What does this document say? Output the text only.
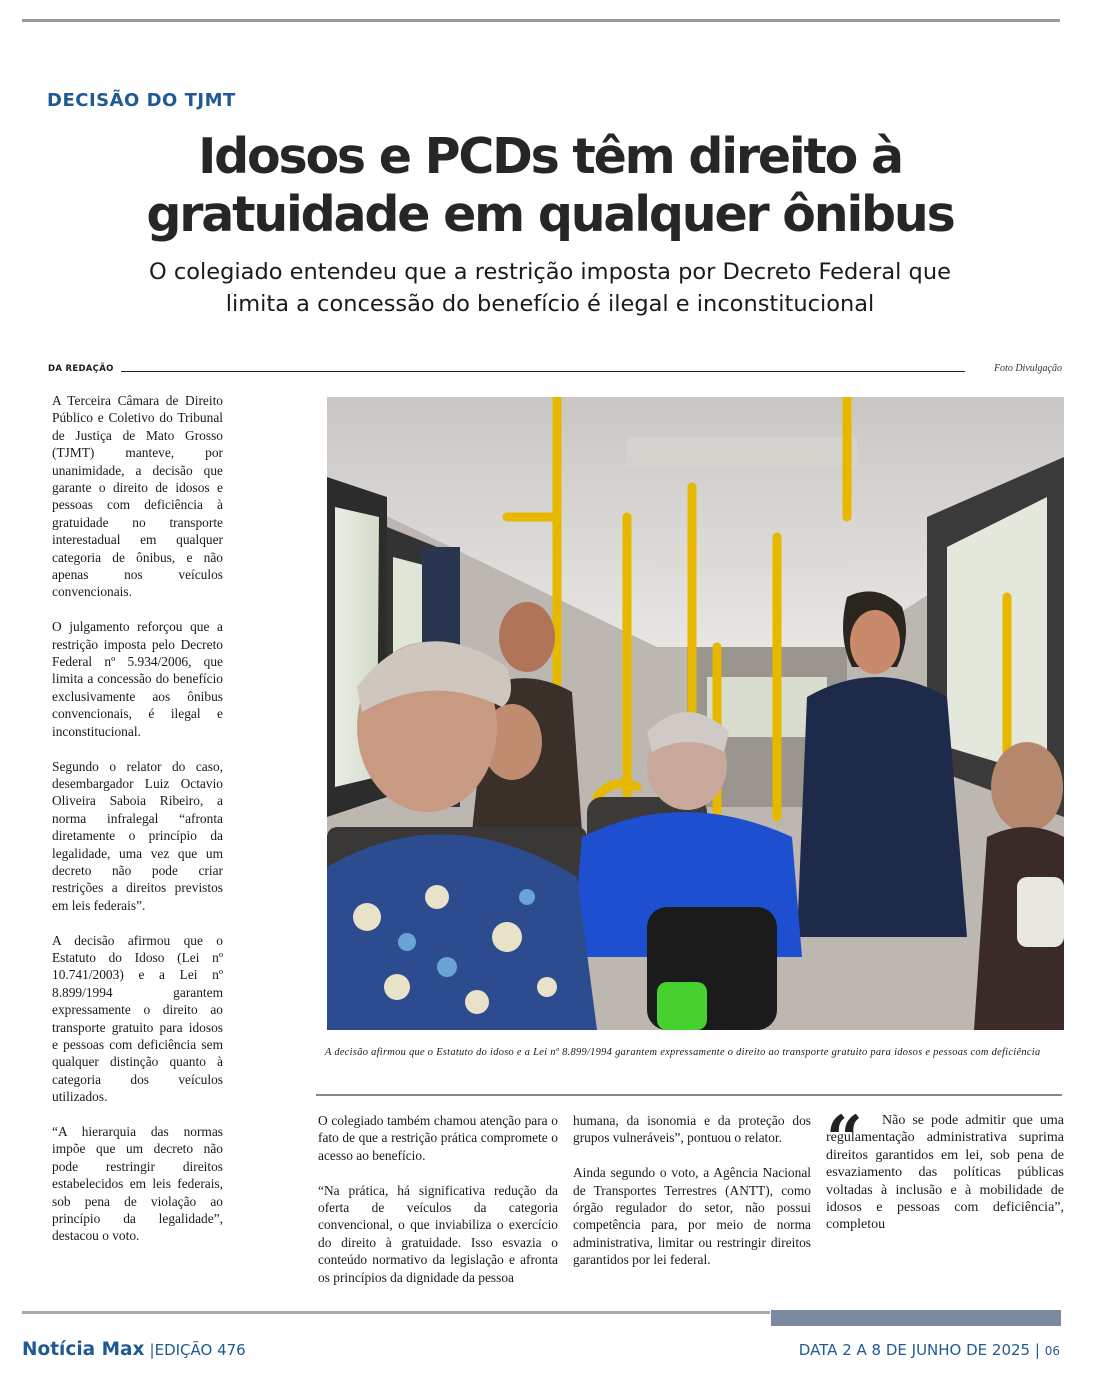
DECISÃO DO TJMT
Idosos e PCDs têm direito à
gratuidade em qualquer ônibus
O colegiado entendeu que a restrição imposta por Decreto Federal que
limita a concessão do benefício é ilegal e inconstitucional
DA REDAÇÃO	Foto Divulgação

A Terceira Câmara de Direito Público e Coletivo do Tribunal de Justiça de Mato Grosso (TJMT) manteve, por unanimidade, a decisão que garante o direito de idosos e pessoas com deficiência à gratuidade no transporte interestadual em qualquer categoria de ônibus, e não apenas nos veículos convencionais.

O julgamento reforçou que a restrição imposta pelo Decreto Federal nº 5.934/2006, que limita a concessão do benefício exclusivamente aos ônibus convencionais, é ilegal e inconstitucional.

Segundo o relator do caso, desembargador Luiz Octavio Oliveira Saboia Ribeiro, a norma infralegal “afronta diretamente o princípio da legalidade, uma vez que um decreto não pode criar restrições a direitos previstos em leis federais”.

A decisão afirmou que o Estatuto do Idoso (Lei nº 10.741/2003) e a Lei nº 8.899/1994 garantem expressamente o direito ao transporte gratuito para idosos e pessoas com deficiência sem qualquer distinção quanto à categoria dos veículos utilizados.

“A hierarquia das normas impõe que um decreto não pode restringir direitos estabelecidos em leis federais, sob pena de violação ao princípio da legalidade”, destacou o voto.

A decisão afirmou que o Estatuto do idoso e a Lei nº 8.899/1994 garantem expressamente o direito ao transporte gratuito para idosos e pessoas com deficiência

O colegiado também chamou atenção para o fato de que a restrição prática compromete o acesso ao benefício.

“Na prática, há significativa redução da oferta de veículos da categoria convencional, o que inviabiliza o exercício do direito à gratuidade. Isso esvazia o conteúdo normativo da legislação e afronta os princípios da dignidade da pessoa

humana, da isonomia e da proteção dos grupos vulneráveis”, pontuou o relator.

Ainda segundo o voto, a Agência Nacional de Transportes Terrestres (ANTT), como órgão regulador do setor, não possui competência para, por meio de norma administrativa, limitar ou restringir direitos garantidos por lei federal.

“	Não se pode admitir que uma regulamentação administrativa suprima direitos garantidos em lei, sob pena de esvaziamento das políticas públicas voltadas à inclusão e à mobilidade de idosos e pessoas com deficiência”, completou
Notícia Max |EDIÇÃO 476	DATA 2 A 8 DE JUNHO DE 2025 | 06
